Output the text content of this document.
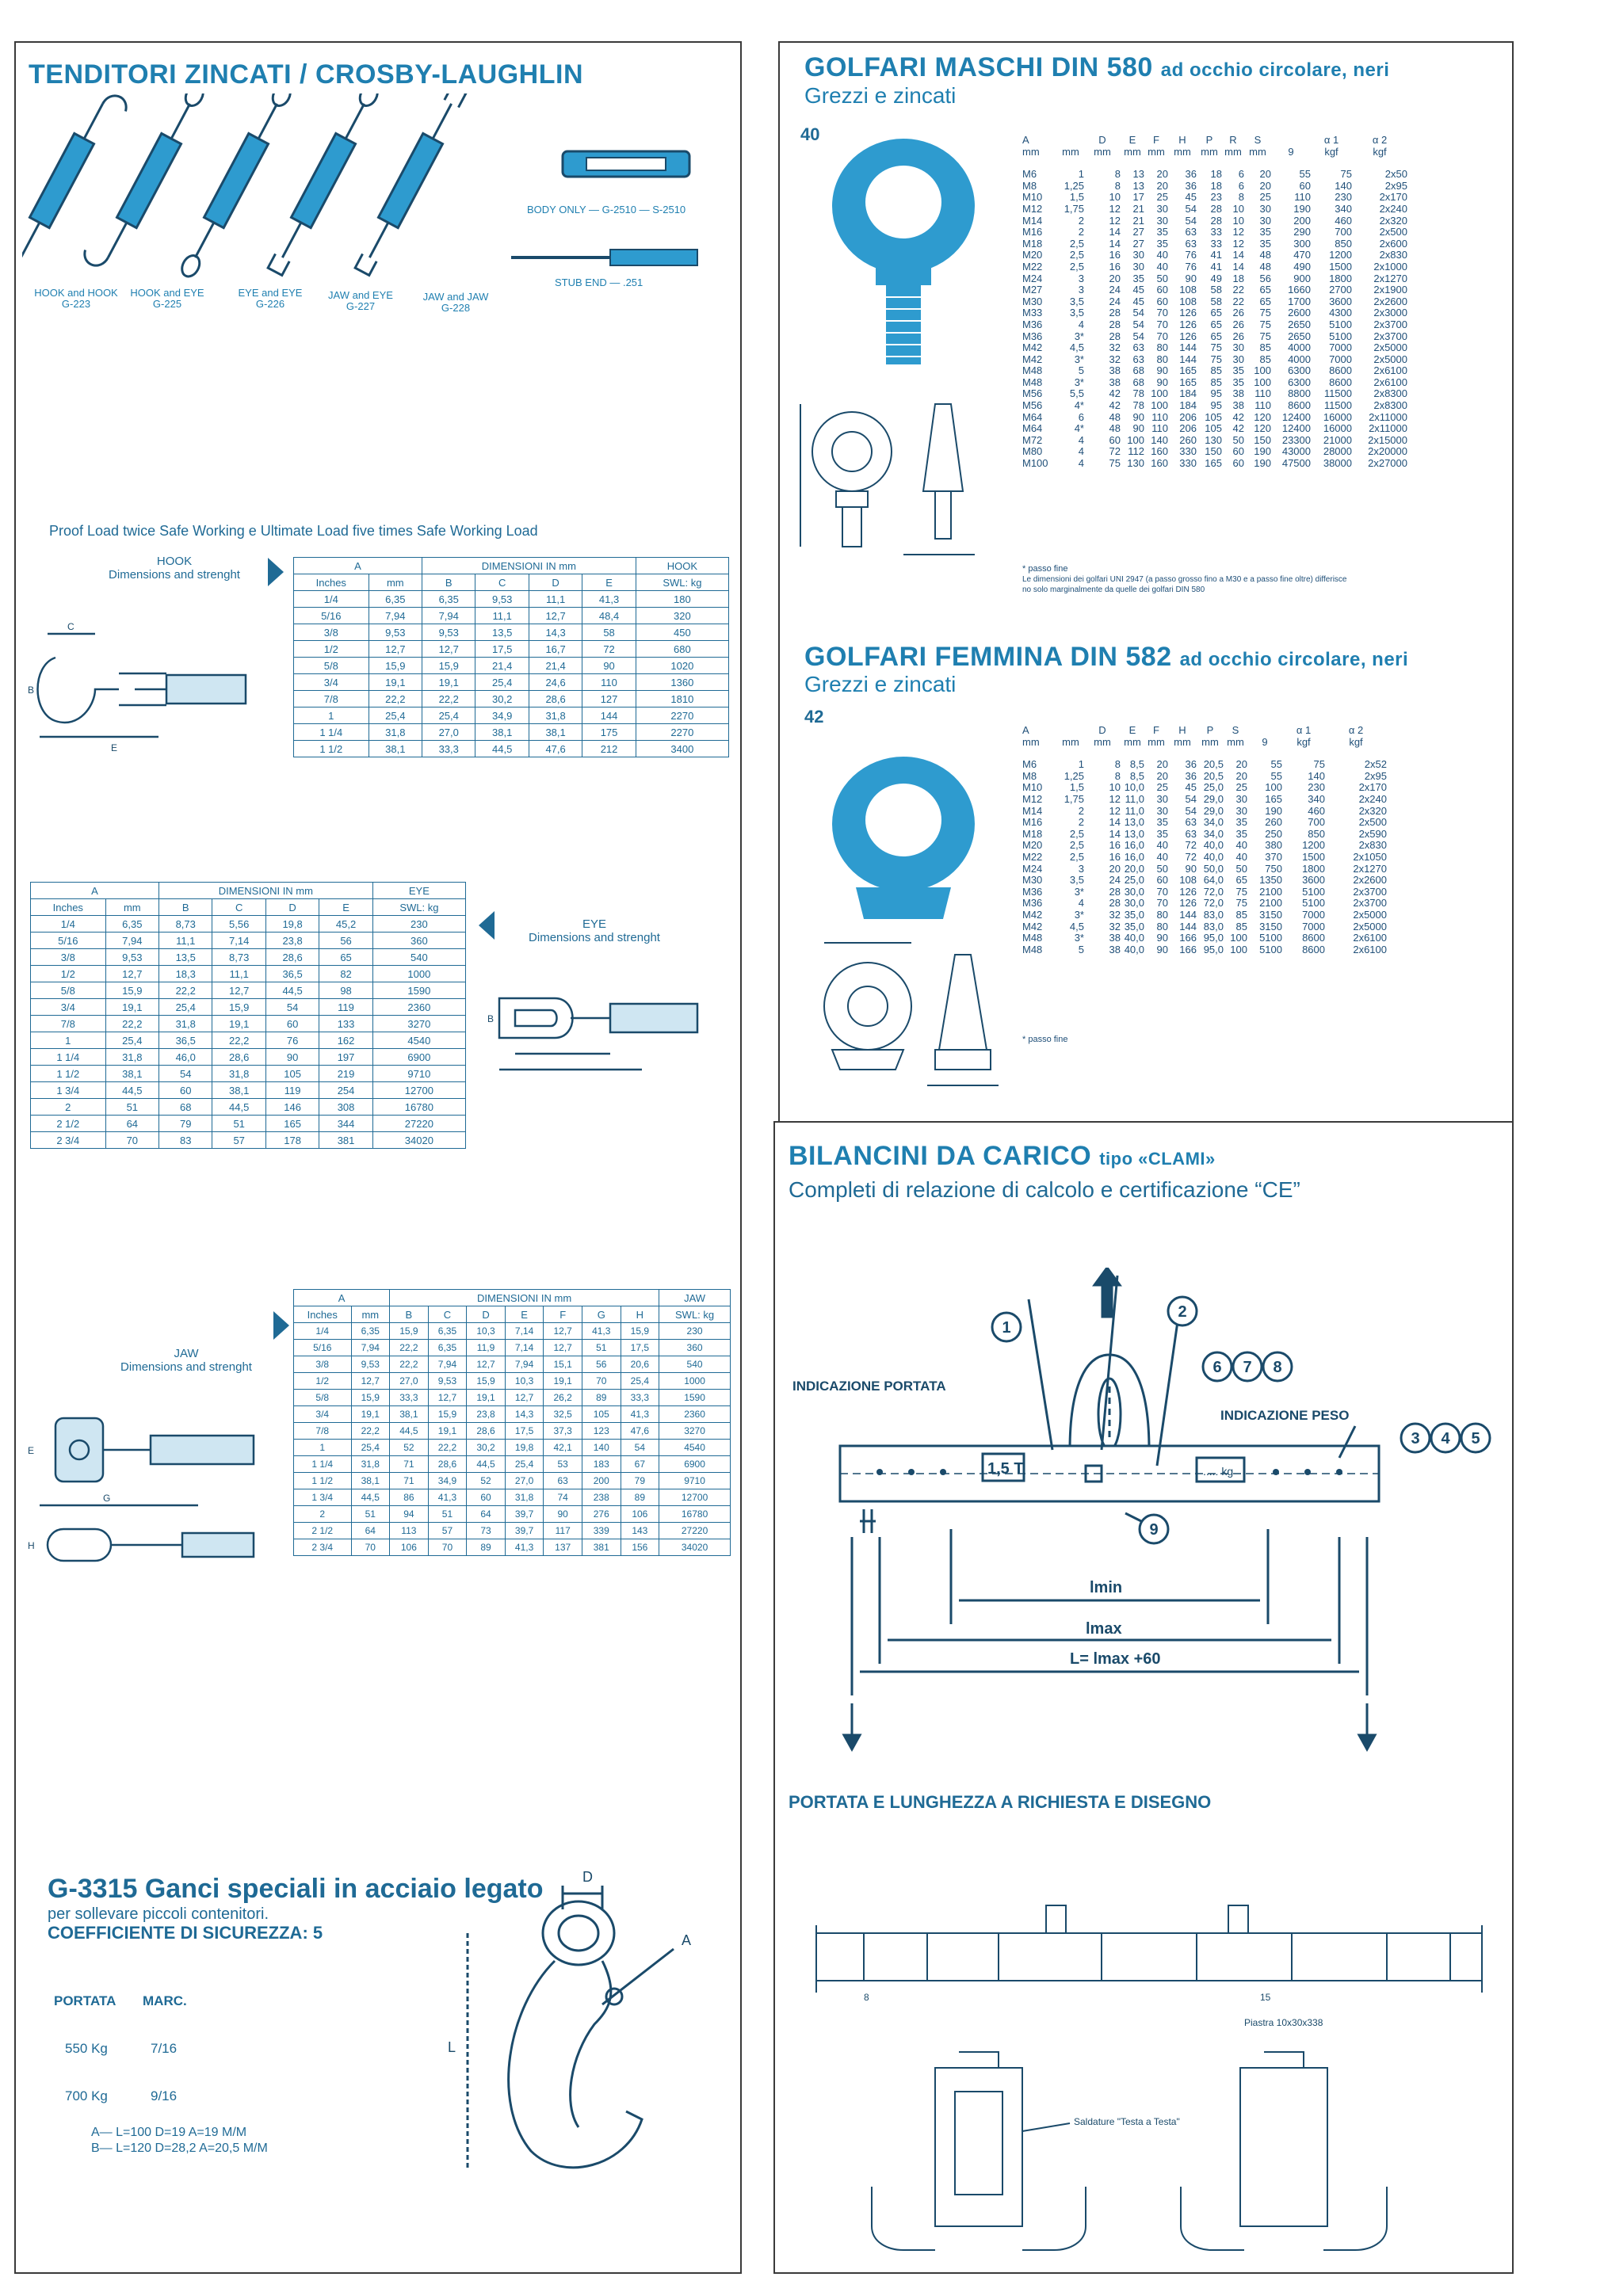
TENDITORI ZINCATI / CROSBY-LAUGHLIN
HOOK and HOOK
G-223
HOOK and EYE
G-225
EYE and EYE
G-226
JAW and EYE
G-227
JAW and JAW
G-228
BODY ONLY — G-2510 — S-2510
STUB END — .251
Proof Load twice Safe Working e Ultimate Load five times Safe Working Load
HOOK
Dimensions and strenght
A		DIMENSIONI IN mm				HOOK
Inches	mm	B	C	D	E	SWL: kg
1/4	6,35	6,35	9,53	11,1	41,3	180
5/16	7,94	7,94	11,1	12,7	48,4	320
3/8	9,53	9,53	13,5	14,3	58	450
1/2	12,7	12,7	17,5	16,7	72	680
5/8	15,9	15,9	21,4	21,4	90	1020
3/4	19,1	19,1	25,4	24,6	110	1360
7/8	22,2	22,2	30,2	28,6	127	1810
1	25,4	25,4	34,9	31,8	144	2270
1 1/4	31,8	27,0	38,1	38,1	175	2270
1 1/2	38,1	33,3	44,5	47,6	212	3400
C
B
E
A		DIMENSIONI IN mm				EYE
Inches	mm	B	C	D	E	SWL: kg
1/4	6,35	8,73	5,56	19,8	45,2	230
5/16	7,94	11,1	7,14	23,8	56	360
3/8	9,53	13,5	8,73	28,6	65	540
1/2	12,7	18,3	11,1	36,5	82	1000
5/8	15,9	22,2	12,7	44,5	98	1590
3/4	19,1	25,4	15,9	54	119	2360
7/8	22,2	31,8	19,1	60	133	3270
1	25,4	36,5	22,2	76	162	4540
1 1/4	31,8	46,0	28,6	90	197	6900
1 1/2	38,1	54	31,8	105	219	9710
1 3/4	44,5	60	38,1	119	254	12700
2	51	68	44,5	146	308	16780
2 1/2	64	79	51	165	344	27220
2 3/4	70	83	57	178	381	34020
EYE
Dimensions and strenght
B
JAW
Dimensions and strenght
A		DIMENSIONI IN mm							JAW
Inches	mm	B	C	D	E	F	G	H	SWL: kg
1/4	6,35	15,9	6,35	10,3	7,14	12,7	41,3	15,9	230
5/16	7,94	22,2	6,35	11,9	7,14	12,7	51	17,5	360
3/8	9,53	22,2	7,94	12,7	7,94	15,1	56	20,6	540
1/2	12,7	27,0	9,53	15,9	10,3	19,1	70	25,4	1000
5/8	15,9	33,3	12,7	19,1	12,7	26,2	89	33,3	1590
3/4	19,1	38,1	15,9	23,8	14,3	32,5	105	41,3	2360
7/8	22,2	44,5	19,1	28,6	17,5	37,3	123	47,6	3270
1	25,4	52	22,2	30,2	19,8	42,1	140	54	4540
1 1/4	31,8	71	28,6	44,5	25,4	53	183	67	6900
1 1/2	38,1	71	34,9	52	27,0	63	200	79	9710
1 3/4	44,5	86	41,3	60	31,8	74	238	89	12700
2	51	94	51	64	39,7	90	276	106	16780
2 1/2	64	113	57	73	39,7	117	339	143	27220
2 3/4	70	106	70	89	41,3	137	381	156	34020
E
G
H
G-3315 Ganci speciali in acciaio legato
per sollevare piccoli contenitori.
COEFFICIENTE DI SICUREZZA: 5
PORTATA MARC.
550 Kg	7/16
700 Kg	9/16
A— L=100 D=19 A=19 M/M
B— L=120 D=28,2 A=20,5 M/M
L
D
A
GOLFARI MASCHI DIN 580 ad occhio circolare, neri
Grezzi e zincati
40	A	D	E	F	H	P	R	S	α 1	α 2
mm	mm	mm	mm mm mm mm mm mm	9	kgf	kgf
M6	1	8	13	20	36	18	6	20	55	75	2x50
M8	1,25	8	13	20	36	18	6	20	60	140	2x95
M10	1,5	10	17	25	45	23	8	25	110	230	2x170
M12	1,75	12	21	30	54	28	10	30	190	340	2x240
M14	2	12	21	30	54	28	10	30	200	460	2x320
M16	2	14	27	35	63	33	12	35	290	700	2x500
M18	2,5	14	27	35	63	33	12	35	300	850	2x600
M20	2,5	16	30	40	76	41	14	48	470	1200	2x830
M22	2,5	16	30	40	76	41	14	48	490	1500	2x1000
M24	3	20	35	50	90	49	18	56	900	1800	2x1270
M27	3	24	45	60	108	58	22	65	1660	2700	2x1900
M30	3,5	24	45	60	108	58	22	65	1700	3600	2x2600
M33	3,5	28	54	70	126	65	26	75	2600	4300	2x3000
M36	4	28	54	70	126	65	26	75	2650	5100	2x3700
M36	3*	28	54	70	126	65	26	75	2650	5100	2x3700
M42	4,5	32	63	80	144	75	30	85	4000	7000	2x5000
M42	3*	32	63	80	144	75	30	85	4000	7000	2x5000
M48	5	38	68	90	165	85	35 100	6300	8600	2x6100
M48	3*	38	68	90	165	85	35 100	6300	8600	2x6100
M56	5,5	42	78 100	184	95	38	110	8800	11500	2x8300
M56	4*	42	78 100	184	95	38	110	8600	11500	2x8300
M64	6	48	90 110	206 105	42 120	12400	16000	2x11000
M64	4*	48	90 110	206 105	42 120	12400	16000	2x11000
M72	4	60 100 140	260 130	50 150	23300	21000	2x15000
M80	4	72 112 160	330 150	60 190	43000	28000	2x20000
M100	4	75 130 160	330 165	60 190	47500	38000	2x27000
* passo fine
Le dimensioni dei golfari UNI 2947 (a passo grosso fino a M30 e a passo fine oltre) differisce
no solo marginalmente da quelle dei golfari DIN 580
GOLFARI FEMMINA DIN 582 ad occhio circolare, neri
Grezzi e zincati
42
A	D	E	F	H	P	S	α 1	α 2
mm	mm	mm	mm mm mm	mm mm	9	kgf	kgf
M6	1	8 8,5	20	36 20,5	20	55	75	2x52
M8	1,25	8 8,5	20	36 20,5	20	55	140	2x95
M10	1,5	10 10,0	25	45 25,0	25	100	230	2x170
M12	1,75	12 11,0	30	54 29,0	30	165	340	2x240
M14	2	12 11,0	30	54 29,0	30	190	460	2x320
M16	2	14 13,0	35	63 34,0	35	260	700	2x500
M18	2,5	14 13,0	35	63 34,0	35	250	850	2x590
M20	2,5	16 16,0	40	72 40,0	40	380	1200	2x830
M22	2,5	16 16,0	40	72 40,0	40	370	1500	2x1050
M24	3	20 20,0	50	90 50,0	50	750	1800	2x1270
M30	3,5	24 25,0	60	108 64,0	65	1350	3600	2x2600
M36	3*	28 30,0	70	126 72,0	75	2100	5100	2x3700
M36	4	28 30,0	70	126 72,0	75	2100	5100	2x3700
M42	3*	32 35,0	80	144 83,0	85	3150	7000	2x5000
M42	4,5	32 35,0	80	144 83,0	85	3150	7000	2x5000
M48	3*	38 40,0	90	166 95,0 100	5100	8600	2x6100
M48	5	38 40,0	90	166 95,0 100	5100	8600	2x6100
* passo fine
BILANCINI DA CARICO tipo «CLAMI»
Completi di relazione di calcolo e certificazione “CE”
1
2
6 7 8
3 4 5
9
INDICAZIONE PORTATA
INDICAZIONE PESO
1,5 T	..... kg
lmin
lmax
L= lmax +60
PORTATA E LUNGHEZZA A RICHIESTA E DISEGNO
8	15
Piastra 10x30x338
Saldature "Testa a Testa"
